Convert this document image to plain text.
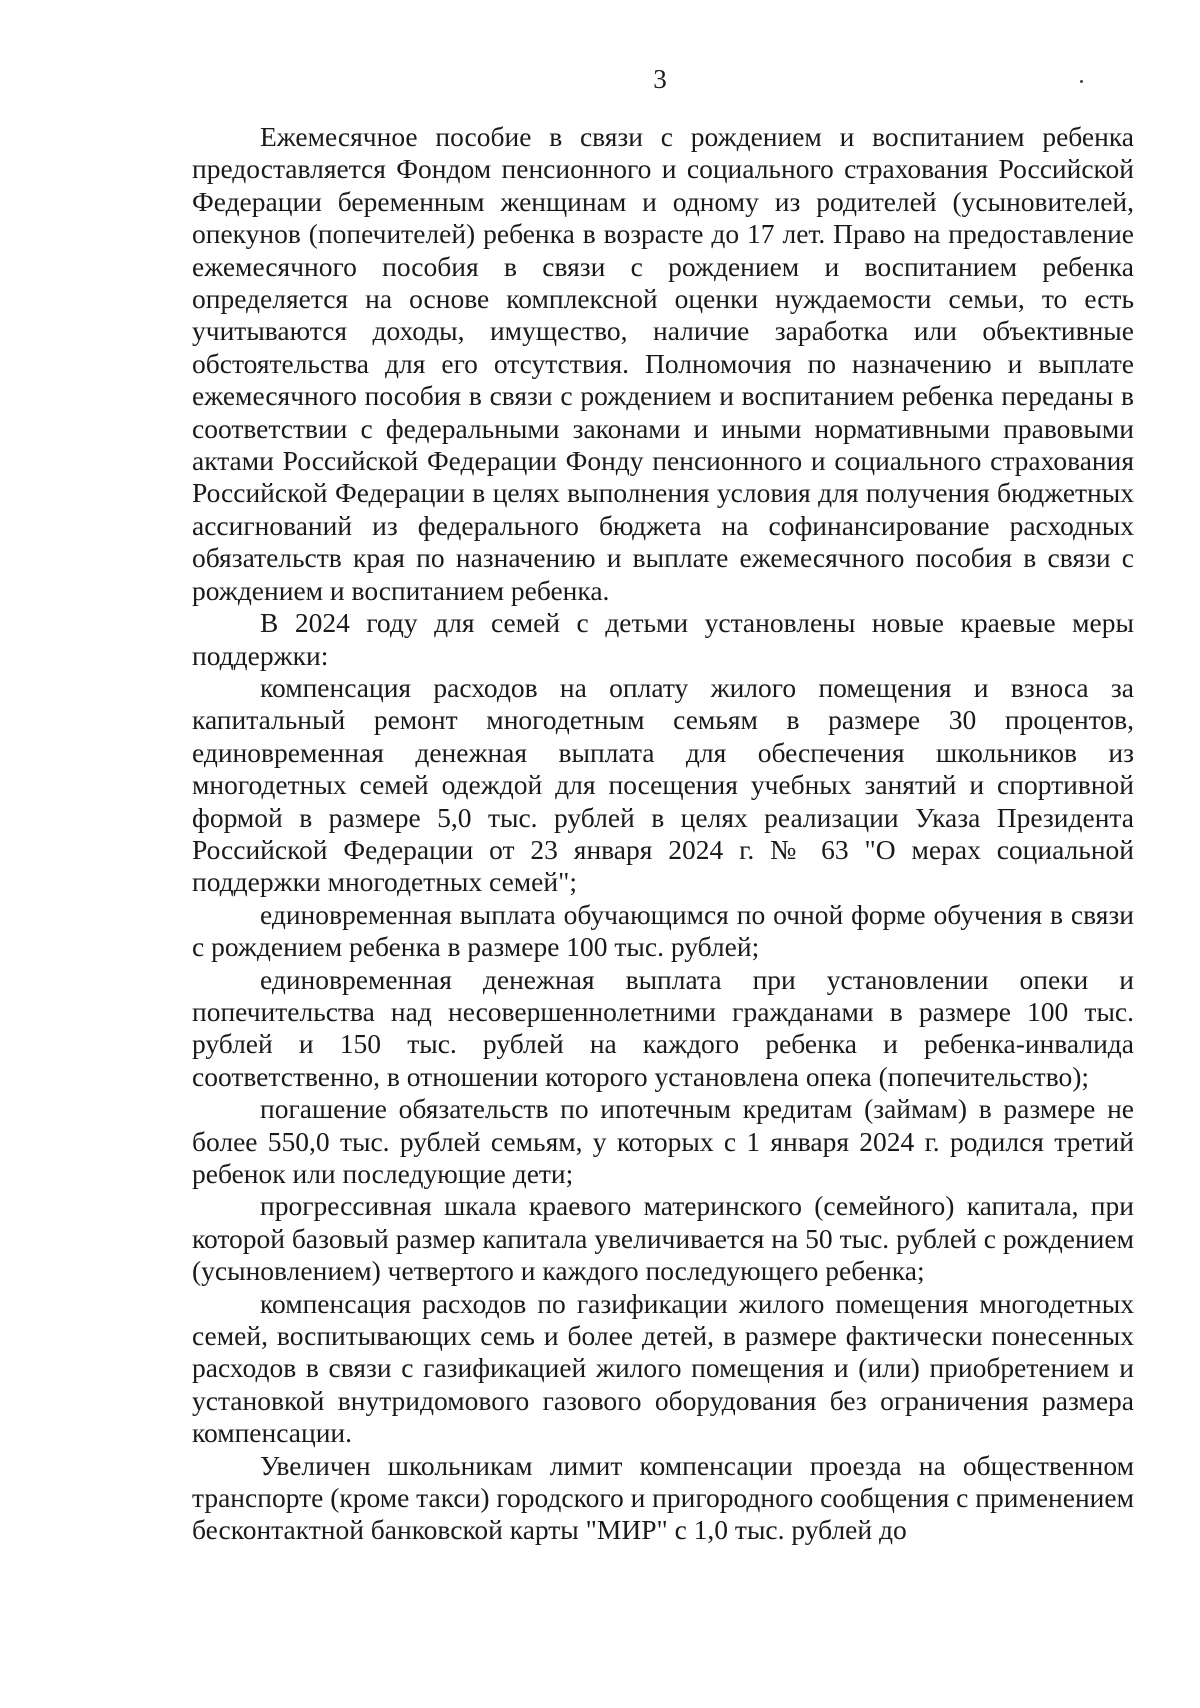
3

Ежемесячное пособие в связи с рождением и воспитанием ребенка предоставляется Фондом пенсионного и социального страхования Российской Федерации беременным женщинам и одному из родителей (усыновителей, опекунов (попечителей) ребенка в возрасте до 17 лет. Право на предоставление ежемесячного пособия в связи с рождением и воспитанием ребенка определяется на основе комплексной оценки нуждаемости семьи, то есть учитываются доходы, имущество, наличие заработка или объективные обстоятельства для его отсутствия. Полномочия по назначению и выплате ежемесячного пособия в связи с рождением и воспитанием ребенка переданы в соответствии с федеральными законами и иными нормативными правовыми актами Российской Федерации Фонду пенсионного и социального страхования Российской Федерации в целях выполнения условия для получения бюджетных ассигнований из федерального бюджета на софинансирование расходных обязательств края по назначению и выплате ежемесячного пособия в связи с рождением и воспитанием ребенка.

В 2024 году для семей с детьми установлены новые краевые меры поддержки:

компенсация расходов на оплату жилого помещения и взноса за капитальный ремонт многодетным семьям в размере 30 процентов, единовременная денежная выплата для обеспечения школьников из многодетных семей одеждой для посещения учебных занятий и спортивной формой в размере 5,0 тыс. рублей в целях реализации Указа Президента Российской Федерации от 23 января 2024 г. № 63 "О мерах социальной поддержки многодетных семей";

единовременная выплата обучающимся по очной форме обучения в связи с рождением ребенка в размере 100 тыс. рублей;

единовременная денежная выплата при установлении опеки и попечительства над несовершеннолетними гражданами в размере 100 тыс. рублей и 150 тыс. рублей на каждого ребенка и ребенка-инвалида соответственно, в отношении которого установлена опека (попечительство);

погашение обязательств по ипотечным кредитам (займам) в размере не более 550,0 тыс. рублей семьям, у которых с 1 января 2024 г. родился третий ребенок или последующие дети;

прогрессивная шкала краевого материнского (семейного) капитала, при которой базовый размер капитала увеличивается на 50 тыс. рублей с рождением (усыновлением) четвертого и каждого последующего ребенка;

компенсация расходов по газификации жилого помещения многодетных семей, воспитывающих семь и более детей, в размере фактически понесенных расходов в связи с газификацией жилого помещения и (или) приобретением и установкой внутридомового газового оборудования без ограничения размера компенсации.

Увеличен школьникам лимит компенсации проезда на общественном транспорте (кроме такси) городского и пригородного сообщения с применением бесконтактной банковской карты "МИР" с 1,0 тыс. рублей до
